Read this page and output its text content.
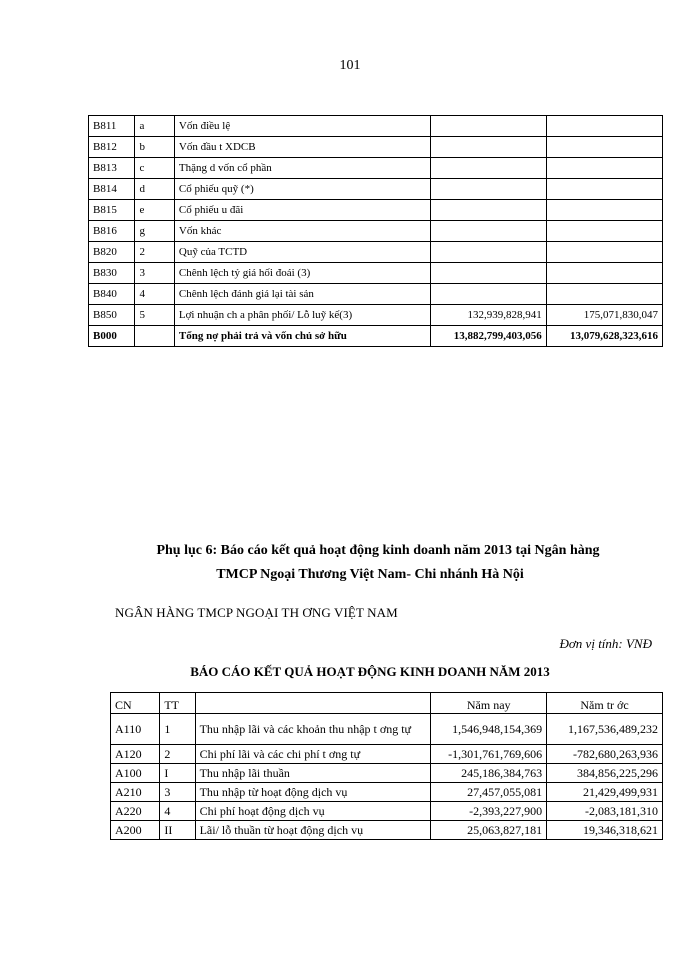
101
B811	a	Vốn điều lệ		
B812	b	Vốn đầu t XDCB		
B813	c	Thặng d vốn cổ phần		
B814	d	Cổ phiếu quỹ (*)		
B815	e	Cổ phiếu u đãi		
B816	g	Vốn khác		
B820	2	Quỹ của TCTD		
B830	3	Chênh lệch tỷ giá hối đoái (3)		
B840	4	Chênh lệch đánh giá lại tài sản		
B850	5	Lợi nhuận ch a phân phối/ Lỗ luỹ kế(3)	132,939,828,941	175,071,830,047
B000		Tổng nợ phải trả và vốn chủ sở hữu	13,882,799,403,056	13,079,628,323,616
Phụ lục 6: Báo cáo kết quả hoạt động kinh doanh năm 2013 tại Ngân hàng
TMCP Ngoại Thương Việt Nam- Chi nhánh Hà Nội
NGÂN HÀNG TMCP NGOẠI TH ƠNG VIỆT NAM
Đơn vị tính: VNĐ
BÁO CÁO KẾT QUẢ HOẠT ĐỘNG KINH DOANH NĂM 2013
CN	TT		Năm nay	Năm tr ớc
A110	1	Thu nhập lãi và các khoản thu nhập t ơng tự	1,546,948,154,369	1,167,536,489,232
A120	2	Chi phí lãi và các chi phí t ơng tự	-1,301,761,769,606	-782,680,263,936
A100	I	Thu nhập lãi thuần	245,186,384,763	384,856,225,296
A210	3	Thu nhập từ hoạt động dịch vụ	27,457,055,081	21,429,499,931
A220	4	Chi phí hoạt động dịch vụ	-2,393,227,900	-2,083,181,310
A200	II	Lãi/ lỗ thuần từ hoạt động dịch vụ	25,063,827,181	19,346,318,621
